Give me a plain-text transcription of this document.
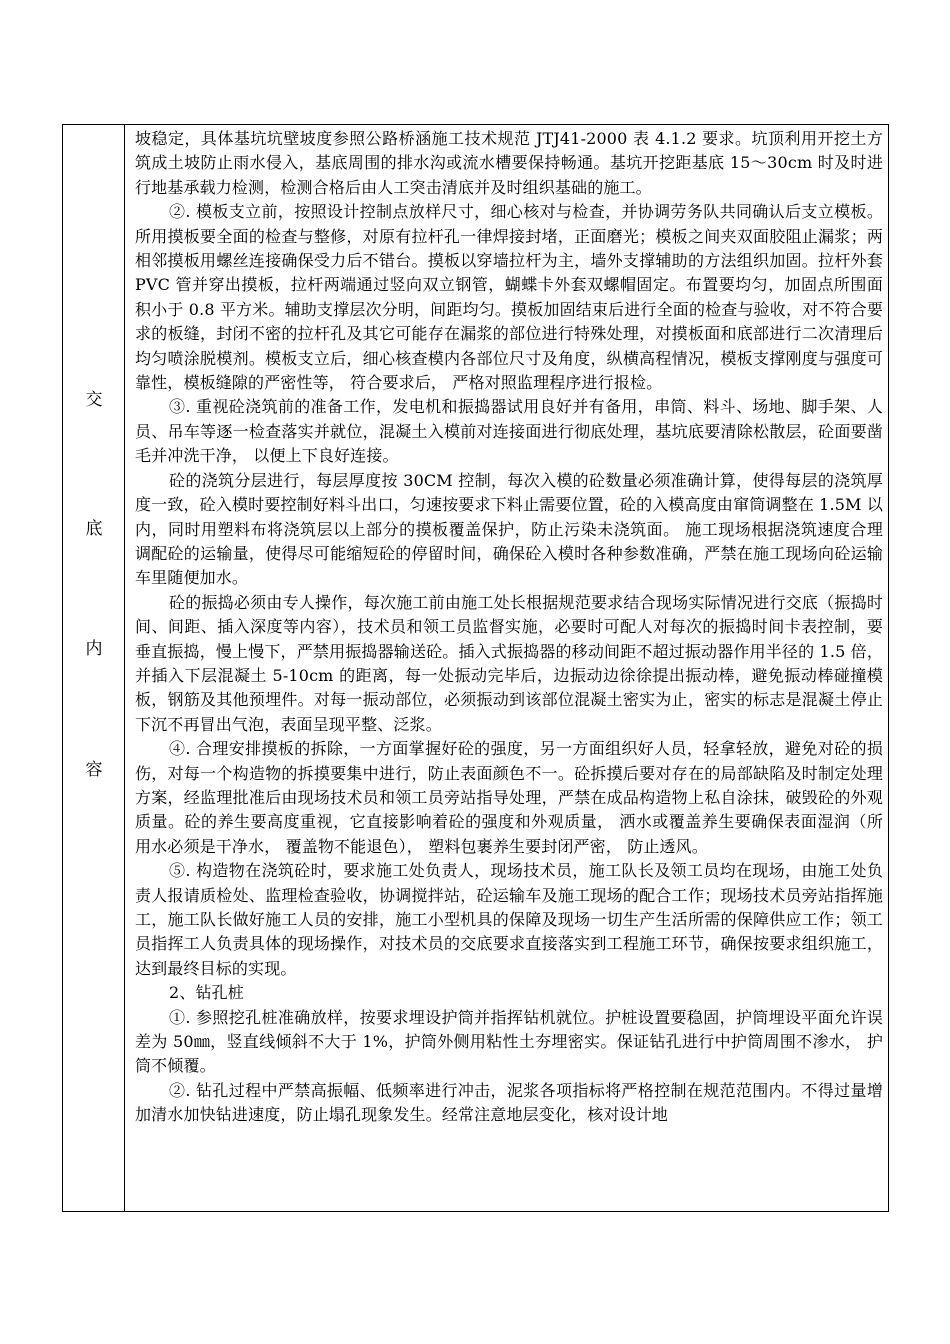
交
底
内
容

坡稳定，具体基坑坑壁坡度参照公路桥涵施工技术规范 JTJ41-2000 表 4.1.2 要求。坑顶利用开挖土方筑成土坡防止雨水侵入，基底周围的排水沟或流水槽要保持畅通。基坑开挖距基底 15～30cm 时及时进行地基承载力检测，检测合格后由人工突击清底并及时组织基础的施工。

②. 模板支立前，按照设计控制点放样尺寸，细心核对与检查，并协调劳务队共同确认后支立模板。所用摸板要全面的检查与整修，对原有拉杆孔一律焊接封堵，正面磨光；模板之间夹双面胶阻止漏浆；两相邻摸板用螺丝连接确保受力后不错台。摸板以穿墙拉杆为主，墙外支撑辅助的方法组织加固。拉杆外套 PVC 管并穿出摸板，拉杆两端通过竖向双立钢管，蝴蝶卡外套双螺帽固定。布置要均匀，加固点所围面积小于 0.8 平方米。辅助支撑层次分明，间距均匀。摸板加固结束后进行全面的检查与验收，对不符合要求的板缝，封闭不密的拉杆孔及其它可能存在漏浆的部位进行特殊处理，对摸板面和底部进行二次清理后均匀喷涂脱模剂。模板支立后，细心核查模内各部位尺寸及角度，纵横高程情况，模板支撑刚度与强度可靠性，模板缝隙的严密性等， 符合要求后， 严格对照监理程序进行报检。

③. 重视砼浇筑前的准备工作，发电机和振捣器试用良好并有备用，串筒、料斗、场地、脚手架、人员、吊车等逐一检查落实并就位，混凝土入模前对连接面进行彻底处理，基坑底要清除松散层，砼面要凿毛并冲洗干净， 以便上下良好连接。

砼的浇筑分层进行，每层厚度按 30CM 控制，每次入模的砼数量必须准确计算，使得每层的浇筑厚度一致，砼入模时要控制好料斗出口，匀速按要求下料止需要位置，砼的入模高度由窜筒调整在 1.5M 以内，同时用塑料布将浇筑层以上部分的摸板覆盖保护，防止污染未浇筑面。 施工现场根据浇筑速度合理调配砼的运输量，使得尽可能缩短砼的停留时间，确保砼入模时各种参数准确，严禁在施工现场向砼运输车里随便加水。

砼的振捣必须由专人操作，每次施工前由施工处长根据规范要求结合现场实际情况进行交底（振捣时间、间距、插入深度等内容），技术员和领工员监督实施，必要时可配人对每次的振捣时间卡表控制，要垂直振捣，慢上慢下，严禁用振捣器输送砼。插入式振捣器的移动间距不超过振动器作用半径的 1.5 倍，并插入下层混凝土 5-10cm 的距离，每一处振动完毕后，边振动边徐徐提出振动棒，避免振动棒碰撞模板，钢筋及其他预埋件。对每一振动部位，必须振动到该部位混凝土密实为止，密实的标志是混凝土停止下沉不再冒出气泡，表面呈现平整、泛浆。

④. 合理安排摸板的拆除，一方面掌握好砼的强度，另一方面组织好人员，轻拿轻放，避免对砼的损伤，对每一个构造物的拆摸要集中进行，防止表面颜色不一。砼拆摸后要对存在的局部缺陷及时制定处理方案，经监理批准后由现场技术员和领工员旁站指导处理，严禁在成品构造物上私自涂抹，破毁砼的外观质量。砼的养生要高度重视，它直接影响着砼的强度和外观质量， 洒水或覆盖养生要确保表面湿润（所用水必须是干净水， 覆盖物不能退色）， 塑料包裹养生要封闭严密， 防止透风。

⑤. 构造物在浇筑砼时，要求施工处负责人，现场技术员，施工队长及领工员均在现场，由施工处负责人报请质检处、监理检查验收，协调搅拌站，砼运输车及施工现场的配合工作；现场技术员旁站指挥施工，施工队长做好施工人员的安排，施工小型机具的保障及现场一切生产生活所需的保障供应工作；领工员指挥工人负责具体的现场操作，对技术员的交底要求直接落实到工程施工环节，确保按要求组织施工，达到最终目标的实现。

2、钻孔桩

①. 参照挖孔桩准确放样，按要求埋设护筒并指挥钻机就位。护桩设置要稳固，护筒埋设平面允许误差为 50㎜，竖直线倾斜不大于 1%，护筒外侧用粘性土夯埋密实。保证钻孔进行中护筒周围不渗水， 护筒不倾覆。

②. 钻孔过程中严禁高振幅、低频率进行冲击，泥浆各项指标将严格控制在规范范围内。不得过量增加清水加快钻进速度，防止塌孔现象发生。经常注意地层变化，核对设计地
